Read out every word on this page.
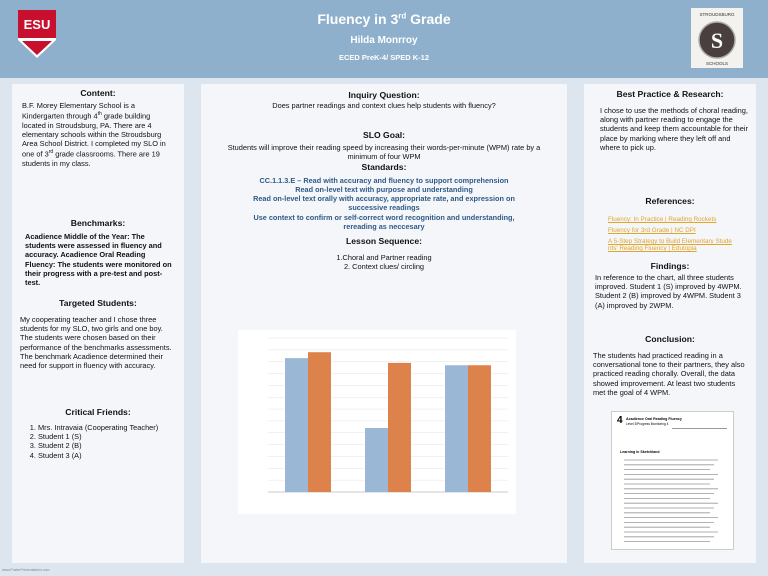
ESU	Fluency in 3rd Grade
Hilda Monrroy
ECED PreK-4/ SPED K-12
S
STROUDSBURG
SCHOOLS
Content:
B.F. Morey Elementary School is a Kindergarten through 4th grade building located in Stroudsburg, PA. There are 4 elementary schools within the Stroudsburg Area School District. I completed my SLO in one of 3rd grade classrooms. There are 19 students in my class.
Benchmarks:
Acadience Middle of the Year: The students were assessed in fluency and accuracy. Acadience Oral Reading Fluency: The students were monitored on their progress with a pre-test and post-test.
Targeted Students:
My cooperating teacher and I chose three students for my SLO, two girls and one boy. The students were chosen based on their performance of the benchmarks assessments. The benchmark Acadience determined their need for support in fluency with accuracy.
Critical Friends:
1. Mrs. Intravaia (Cooperating Teacher)
2. Student 1 (S)
3. Student 2 (B)
4. Student 3 (A)
Inquiry Question:
Does partner readings and context clues help students with fluency?
SLO Goal:
Students will improve their reading speed by increasing their words-per-minute (WPM) rate by a minimum of four WPM
Standards:
CC.1.1.3.E – Read with accuracy and fluency to support comprehension
Read on-level text with purpose and understanding
Read on-level text orally with accuracy, appropriate rate, and expression on successive readings
Use context to confirm or self-correct word recognition and understanding, rereading as neccesary
Lesson Sequence:
1.Choral and Partner reading
2. Context clues/ circling
Best Practice & Research:
I chose to use the methods of choral reading, along with partner reading to engage the students and keep them accountable for their place by marking where they left off and where to pick up.
References:
Fluency: In Practice | Reading Rockets
Fluency for 3rd Grade | NC DPI
A 5-Step Strategy to Build Elementary Stude
nts' Reading Fluency | Edutopia
Findings:
In reference to the chart, all three students improved. Student 1 (S) improved by 4WPM. Student 2 (B) improved by 4WPM. Student 3 (A) improved by 2WPM.
Conclusion:
The students had practiced reading in a conversational tone to their partners, they also practiced reading chorally. Overall, the data showed improvement. At least two students met the goal of 4 WPM.
4 Acadience Oral Reading Fluency
Level 3/Progress Monitoring 4
Learning in Sketchland
www.PosterPresentations.com
